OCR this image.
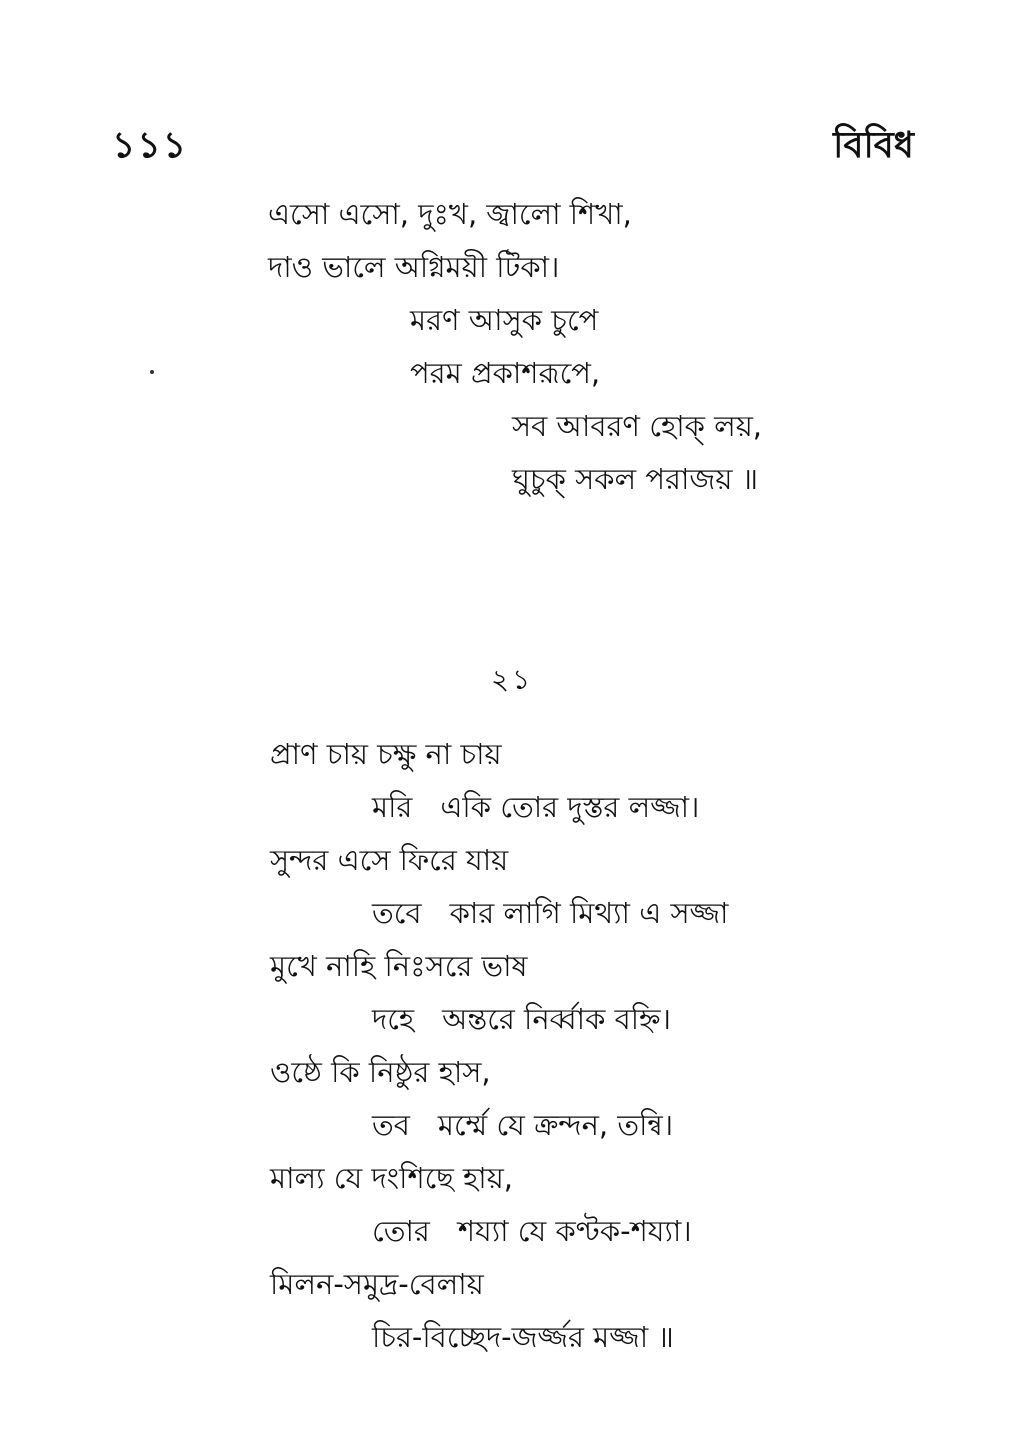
১১১	বিবিধ
এসো এসো, দুঃখ, জ্বালো শিখা,
দাও ভালে অগ্নিময়ী টিকা।
মরণ আসুক চুপে
পরম প্রকাশরূপে,
সব আবরণ হোক্ লয়,
ঘুচুক্ সকল পরাজয় ॥
২১
প্রাণ চায় চক্ষু না চায়
মরি একি তোর দুস্তর লজ্জা।
সুন্দর এসে ফিরে যায়
তবে কার লাগি মিথ্যা এ সজ্জা
মুখে নাহি নিঃসরে ভাষ
দহে অন্তরে নির্ব্বাক বহ্নি।
ওষ্ঠে কি নিষ্ঠুর হাস,
তব মর্ম্মে যে ক্রন্দন, তন্বি।
মাল্য যে দংশিছে হায়,
তোর শয্যা যে কণ্টক-শয্যা।
মিলন-সমুদ্র-বেলায়
চির-বিচ্ছেদ-জর্জ্জর মজ্জা ॥
